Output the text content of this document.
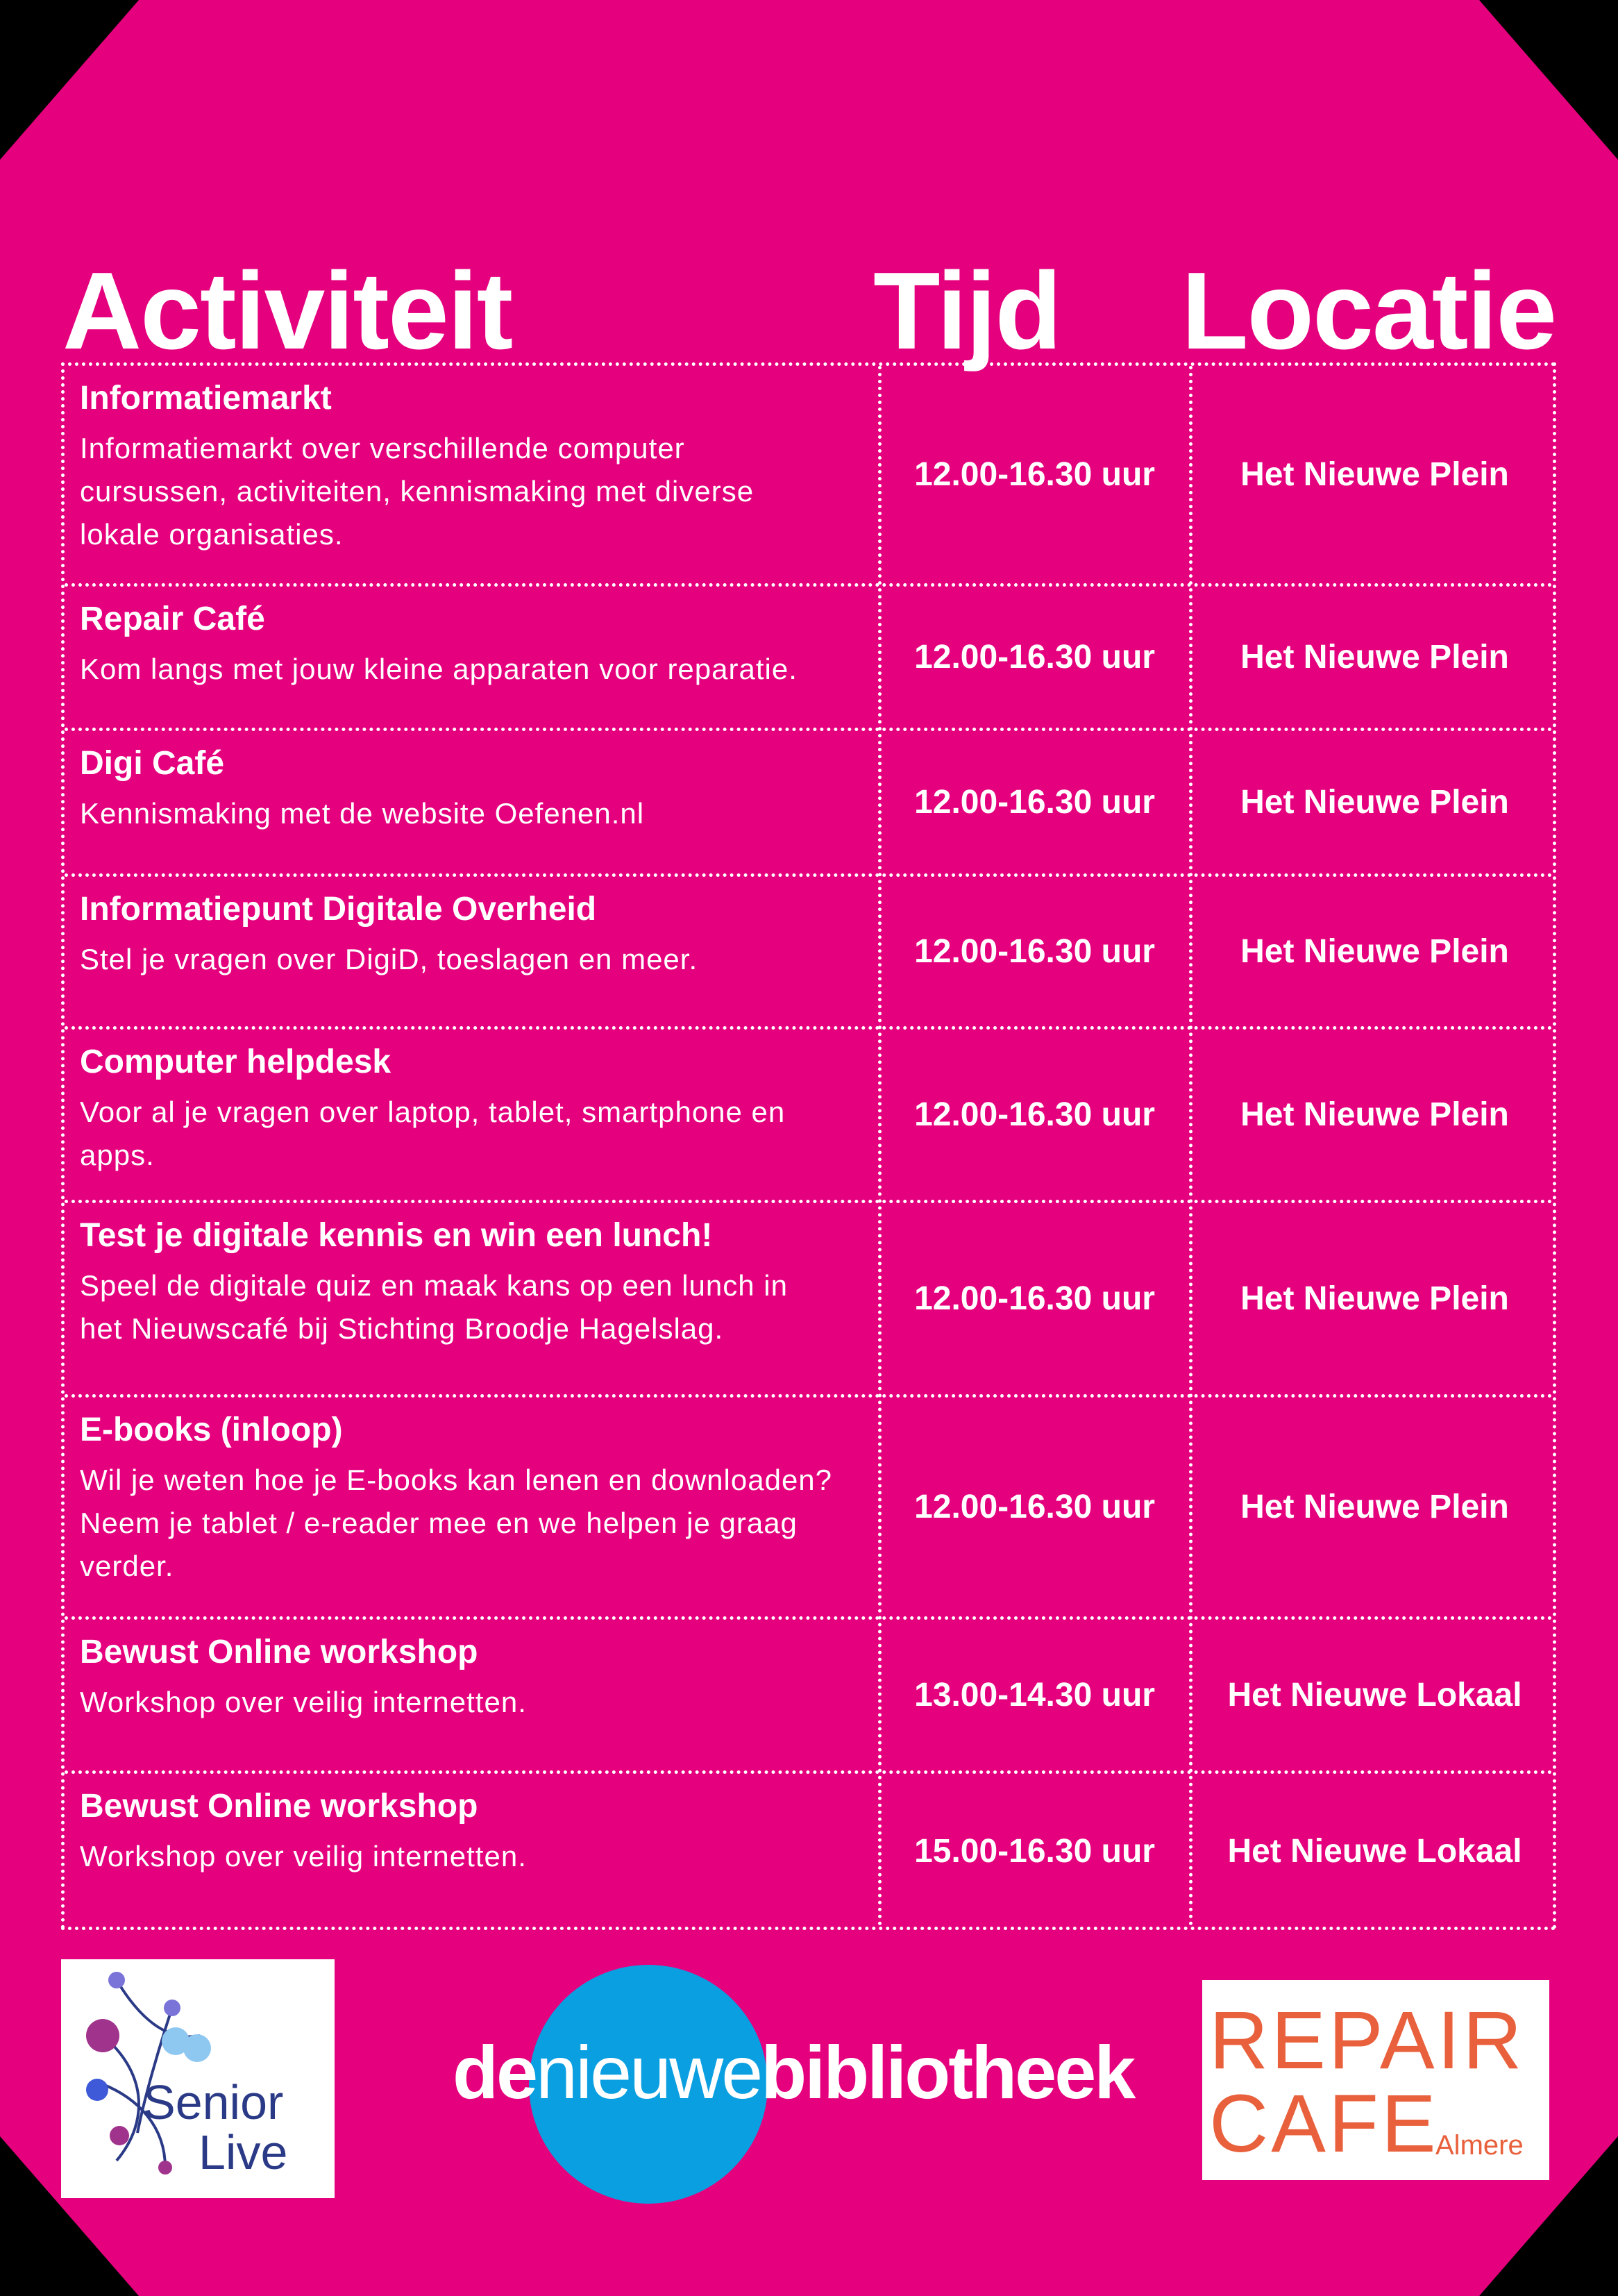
Activiteit	Tijd Locatie
Informatiemarkt
Informatiemarkt over verschillende computer
cursussen, activiteiten, kennismaking met diverse
lokale organisaties.
12.00-16.30 uur	Het Nieuwe Plein
Repair Café
Kom langs met jouw kleine apparaten voor reparatie.	12.00-16.30 uur	Het Nieuwe Plein
Digi Café
Kennismaking met de website Oefenen.nl	12.00-16.30 uur	Het Nieuwe Plein
Informatiepunt Digitale Overheid
Stel je vragen over DigiD, toeslagen en meer.	12.00-16.30 uur	Het Nieuwe Plein
Computer helpdesk
Voor al je vragen over laptop, tablet, smartphone en
apps.
12.00-16.30 uur	Het Nieuwe Plein
Test je digitale kennis en win een lunch!
Speel de digitale quiz en maak kans op een lunch in
het Nieuwscafé bij Stichting Broodje Hagelslag.
12.00-16.30 uur	Het Nieuwe Plein
E-books (inloop)
Wil je weten hoe je E-books kan lenen en downloaden?
Neem je tablet / e-reader mee en we helpen je graag
verder.
12.00-16.30 uur	Het Nieuwe Plein
Bewust Online workshop
Workshop over veilig internetten.	13.00-14.30 uur	Het Nieuwe Lokaal
Bewust Online workshop
Workshop over veilig internetten.	15.00-16.30 uur	Het Nieuwe Lokaal
Senior
Live
denieuwebibliotheek REPAIR
CAFE
Almere
